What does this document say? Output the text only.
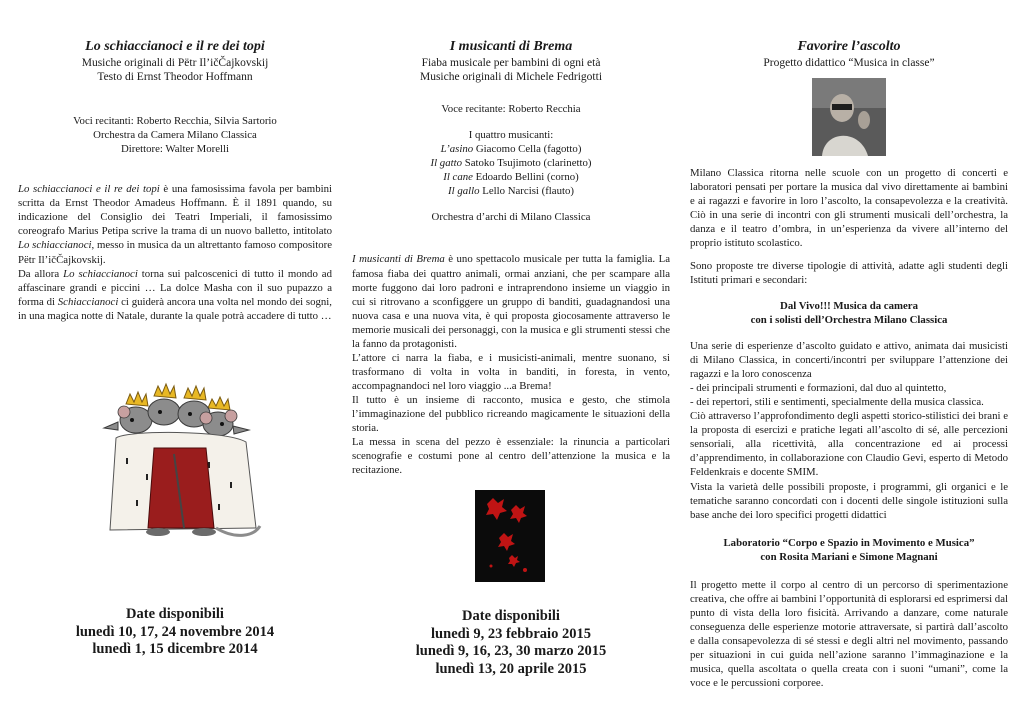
Lo schiaccianoci e il re dei topi

Musiche originali di Pëtr Il’ičČajkovskij

Testo di Ernst Theodor Hoffmann

Voci recitanti: Roberto Recchia, Silvia Sartorio

Orchestra da Camera Milano Classica

Direttore: Walter Morelli

Lo schiaccianoci e il re dei topi è una famosissima favola per bambini scritta da Ernst Theodor Amadeus Hoffmann. È il 1891 quando, su indicazione del Consiglio dei Teatri Imperiali, il famosissimo coreografo Marius Petipa scrive la trama di un nuovo balletto, intitolato Lo schiaccianoci, messo in musica da un altrettanto famoso compositore Pëtr Il’ičČajkovskij.

Da allora Lo schiaccianoci torna sui palcoscenici di tutto il mondo ad affascinare grandi e piccini … La dolce Masha con il suo pupazzo a forma di Schiaccianoci ci guiderà ancora una volta nel mondo dei sogni, in una magica notte di Natale, durante la quale potrà accadere di tutto …

Date disponibili
lunedì 10, 17, 24 novembre 2014
lunedì 1, 15 dicembre 2014

I musicanti di Brema

Fiaba musicale per bambini di ogni età

Musiche originali di Michele Fedrigotti

Voce recitante: Roberto Recchia

I quattro musicanti:

L’asino Giacomo Cella (fagotto)

Il gatto Satoko Tsujimoto (clarinetto)

Il cane Edoardo Bellini (corno)

Il gallo Lello Narcisi (flauto)

Orchestra d’archi di Milano Classica

I musicanti di Brema è uno spettacolo musicale per tutta la famiglia. La famosa fiaba dei quattro animali, ormai anziani, che per scampare alla morte fuggono dai loro padroni e intraprendono insieme un viaggio in cui si ritrovano a sconfiggere un gruppo di banditi, guadagnandosi una nuova casa e una nuova vita, è qui proposta giocosamente attraverso le memorie musicali dei personaggi, con la musica e gli strumenti stessi che la fanno da protagonisti.

L’attore ci narra la fiaba, e i musicisti-animali, mentre suonano, si trasformano di volta in volta in banditi, in foresta, in vento, accompagnandoci nel loro viaggio ...a Brema!

Il tutto è un insieme di racconto, musica e gesto, che stimola l’immaginazione del pubblico ricreando magicamente le situazioni della storia.

La messa in scena del pezzo è essenziale: la rinuncia a particolari scenografie e costumi pone al centro dell’attenzione la musica e la recitazione.

Date disponibili
lunedì 9, 23 febbraio 2015
lunedì 9, 16, 23, 30 marzo 2015
lunedì 13, 20 aprile 2015

Favorire l’ascolto

Progetto didattico “Musica in classe”

Milano Classica ritorna nelle scuole con un progetto di concerti e laboratori pensati per portare la musica dal vivo direttamente ai bambini e ai ragazzi e favorire in loro l’ascolto, la consapevolezza e la creatività. Ciò in una serie di incontri con gli strumenti musicali dell’orchestra, la danza e il teatro d’ombra, in un’esperienza da vivere all’interno del proprio istituto scolastico.

Sono proposte tre diverse tipologie di attività, adatte agli studenti degli Istituti primari e secondari:

Dal Vivo!!! Musica da camera

con i solisti dell’Orchestra Milano Classica

Una serie di esperienze d’ascolto guidato e attivo, animata dai musicisti di Milano Classica, in concerti/incontri per sviluppare l’attenzione dei ragazzi e la loro conoscenza

- dei principali strumenti e formazioni, dal duo al quintetto,

- dei repertori, stili e sentimenti, specialmente della musica classica.

Ciò attraverso l’approfondimento degli aspetti storico-stilistici dei brani e la proposta di esercizi e pratiche legati all’ascolto di sé, alle percezioni sensoriali, alla ricettività, alla concentrazione ed ai processi d’apprendimento, in collaborazione con Claudio Gevi, esperto di Metodo Feldenkrais e docente SMIM.

Vista la varietà delle possibili proposte, i programmi, gli organici e le tematiche saranno concordati con i docenti delle singole istituzioni sulla base anche dei loro specifici progetti didattici

Laboratorio “Corpo e Spazio in Movimento e Musica”

con Rosita Mariani e Simone Magnani

Il progetto mette il corpo al centro di un percorso di sperimentazione creativa, che offre ai bambini l’opportunità di esplorarsi ed esprimersi dal punto di vista della loro fisicità. Arrivando a danzare, come naturale conseguenza delle esperienze motorie attraversate, si partirà dall’ascolto e dalla consapevolezza di sé stessi e degli altri nel movimento, passando per situazioni in cui guida nell’azione saranno l’immaginazione e la musica, quella ascoltata o quella creata con i suoni “umani”, come la voce e le percussioni corporee.
